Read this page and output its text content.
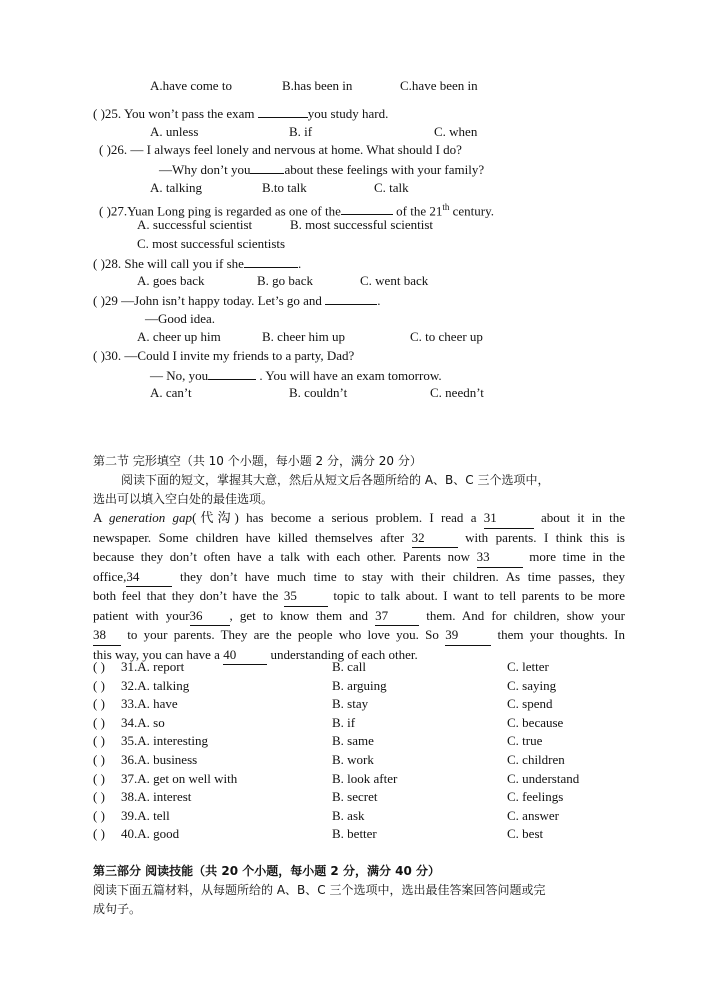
A.have come to	B.has been in	C.have been in
( )25. You won’t pass the exam	you study hard.
A. unless	B. if	C. when
( )26. — I always feel lonely and nervous at home. What should I do?
—Why don’t you	about these feelings with your family?
A. talking	B.to talk	C. talk
( )27.Yuan Long ping is regarded as one of the	of the 21th century.
A. successful scientist	B. most successful scientist
C. most successful scientists
( )28. She will call you if she	.
A. goes back	B. go back	C. went back
( )29 —John isn’t happy today. Let’s go and	.
—Good idea.
A. cheer up him	B. cheer him up	C. to cheer up
( )30. —Could I invite my friends to a party, Dad?
— No, you	. You will have an exam tomorrow.
A. can’t	B. couldn’t	C. needn’t
第二节 完形填空（共 10 个小题，每小题 2 分，满分 20 分）
阅读下面的短文，掌握其大意，然后从短文后各题所给的 A、B、C 三个选项中，
选出可以填入空白处的最佳选项。
A generation gap(代沟) has become a serious problem. I read a 31	about it in the
newspaper. Some children have killed themselves after 32	with parents. I think this is
because they don’t often have a talk with each other. Parents now 33	more time in the
office,34	they don’t have much time to stay with their children. As time passes, they
both feel that they don’t have the 35 topic to talk about. I want to tell parents to be more
patient with your36 , get to know them and 37 them. And for children, show your
38 to your parents. They are the people who love you. So 39	them your thoughts. In
this way, you can have a 40 understanding of each other.
( ) 31.A. report	B. call	C. letter
( ) 32.A. talking	B. arguing	C. saying
( ) 33.A. have	B. stay	C. spend
( ) 34.A. so	B. if	C. because
( ) 35.A. interesting	B. same	C. true
( ) 36.A. business	B. work	C. children
( ) 37.A. get on well with	B. look after	C. understand
( ) 38.A. interest	B. secret	C. feelings
( ) 39.A. tell	B. ask	C. answer
( ) 40.A. good	B. better	C. best
第三部分 阅读技能（共 20 个小题，每小题 2 分，满分 40 分）
阅读下面五篇材料，从每题所给的 A、B、C 三个选项中，选出最佳答案回答问题或完
成句子。
